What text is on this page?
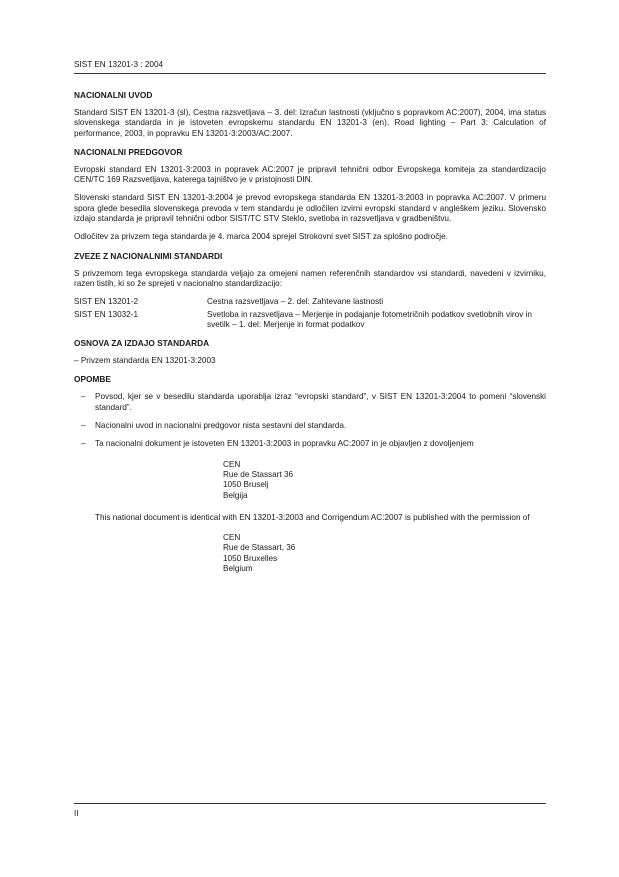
SIST EN 13201-3 : 2004
NACIONALNI UVOD

Standard SIST EN 13201-3 (sl), Cestna razsvetljava – 3. del: Izračun lastnosti (vključno s popravkom AC:2007), 2004, ima status slovenskega standarda in je istoveten evropskemu standardu EN 13201-3 (en), Road lighting – Part 3: Calculation of performance, 2003, in popravku EN 13201-3:2003/AC:2007.

NACIONALNI PREDGOVOR

Evropski standard EN 13201-3:2003 in popravek AC:2007 je pripravil tehnični odbor Evropskega komiteja za standardizacijo CEN/TC 169 Razsvetljava, katerega tajništvo je v pristojnosti DIN.

Slovenski standard SIST EN 13201-3:2004 je prevod evropskega standarda EN 13201-3:2003 in popravka AC:2007. V primeru spora glede besedila slovenskega prevoda v tem standardu je odločilen izvirni evropski standard v angleškem jeziku. Slovensko izdajo standarda je pripravil tehnični odbor SIST/TC STV Steklo, svetloba in razsvetljava v gradbeništvu.

Odločitev za privzem tega standarda je 4. marca 2004 sprejel Strokovni svet SIST za splošno področje.

ZVEZE Z NACIONALNIMI STANDARDI

S privzemom tega evropskega standarda veljajo za omejeni namen referenčnih standardov vsi standardi, navedeni v izvirniku, razen tistih, ki so že sprejeti v nacionalno standardizacijo:

SIST EN 13201-2	Cestna razsvetljava – 2. del: Zahtevane lastnosti
SIST EN 13032-1	Svetloba in razsvetljava – Merjenje in podajanje fotometričnih podatkov svetlobnih virov in svetilk – 1. del: Merjenje in format podatkov
OSNOVA ZA IZDAJO STANDARDA

– Privzem standarda EN 13201-3:2003

OPOMBE
– Povsod, kjer se v besedilu standarda uporablja izraz “evropski standard”, v SIST EN 13201-3:2004 to pomeni “slovenski standard”.
– Nacionalni uvod in nacionalni predgovor nista sestavni del standarda.
– Ta nacionalni dokument je istoveten EN 13201-3:2003 in popravku AC:2007 in je objavljen z dovoljenjem
CEN
Rue de Stassart 36
1050 Bruselj
Belgija
This national document is identical with EN 13201-3:2003 and Corrigendum AC:2007 is published with the permission of
CEN
Rue de Stassart, 36
1050 Bruxelles
Belgium
II
